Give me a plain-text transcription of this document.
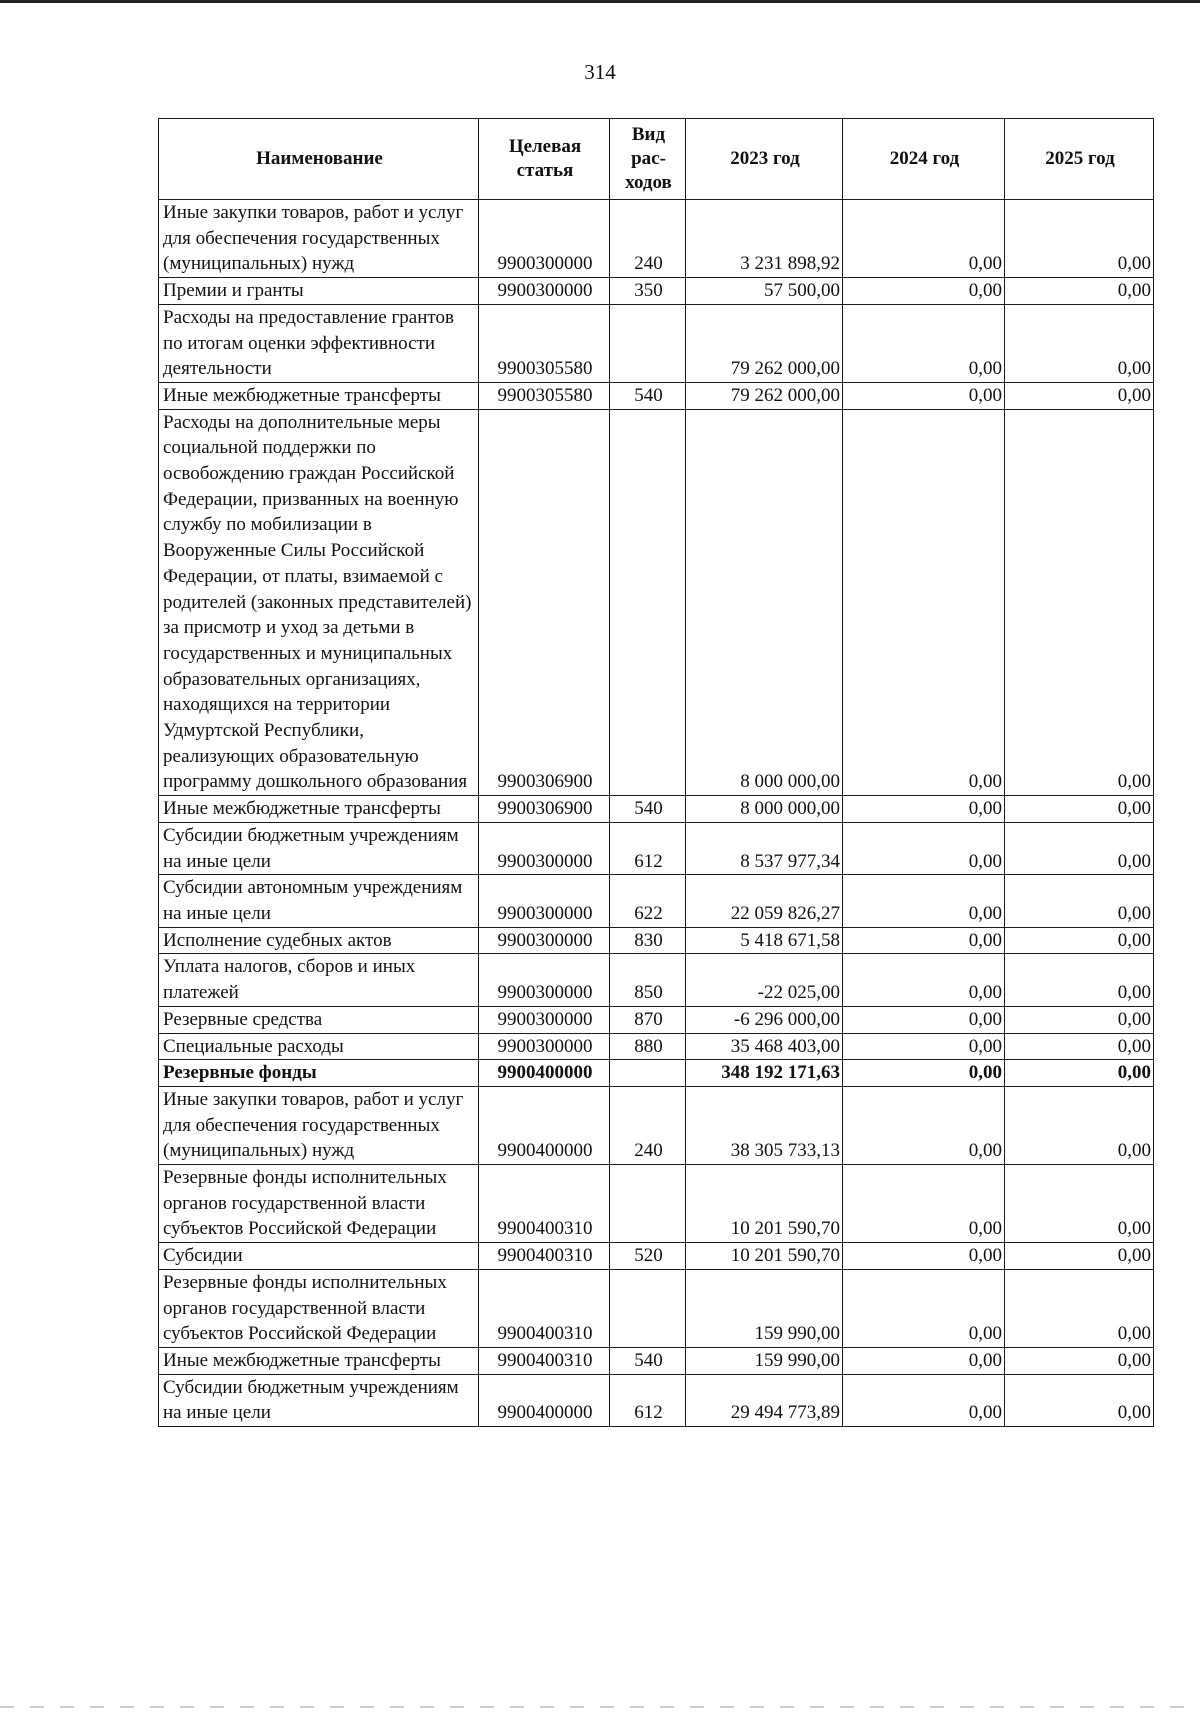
314
Наименование	Целевая статья	Вид рас-ходов	2023 год	2024 год	2025 год
Иные закупки товаров, работ и услуг для обеспечения государственных (муниципальных) нужд	9900300000	240	3 231 898,92	0,00	0,00
Премии и гранты	9900300000	350	57 500,00	0,00	0,00
Расходы на предоставление грантов по итогам оценки эффективности деятельности	9900305580		79 262 000,00	0,00	0,00
Иные межбюджетные трансферты	9900305580	540	79 262 000,00	0,00	0,00
Расходы на дополнительные меры социальной поддержки по освобождению граждан Российской Федерации, призванных на военную службу по мобилизации в Вооруженные Силы Российской Федерации, от платы, взимаемой с родителей (законных представителей) за присмотр и уход за детьми в государственных и муниципальных образовательных организациях, находящихся на территории Удмуртской Республики, реализующих образовательную программу дошкольного образования	9900306900		8 000 000,00	0,00	0,00
Иные межбюджетные трансферты	9900306900	540	8 000 000,00	0,00	0,00
Субсидии бюджетным учреждениям на иные цели	9900300000	612	8 537 977,34	0,00	0,00
Субсидии автономным учреждениям на иные цели	9900300000	622	22 059 826,27	0,00	0,00
Исполнение судебных актов	9900300000	830	5 418 671,58	0,00	0,00
Уплата налогов, сборов и иных платежей	9900300000	850	-22 025,00	0,00	0,00
Резервные средства	9900300000	870	-6 296 000,00	0,00	0,00
Специальные расходы	9900300000	880	35 468 403,00	0,00	0,00
Резервные фонды	9900400000		348 192 171,63	0,00	0,00
Иные закупки товаров, работ и услуг для обеспечения государственных (муниципальных) нужд	9900400000	240	38 305 733,13	0,00	0,00
Резервные фонды исполнительных органов государственной власти субъектов Российской Федерации	9900400310		10 201 590,70	0,00	0,00
Субсидии	9900400310	520	10 201 590,70	0,00	0,00
Резервные фонды исполнительных органов государственной власти субъектов Российской Федерации	9900400310		159 990,00	0,00	0,00
Иные межбюджетные трансферты	9900400310	540	159 990,00	0,00	0,00
Субсидии бюджетным учреждениям на иные цели	9900400000	612	29 494 773,89	0,00	0,00
